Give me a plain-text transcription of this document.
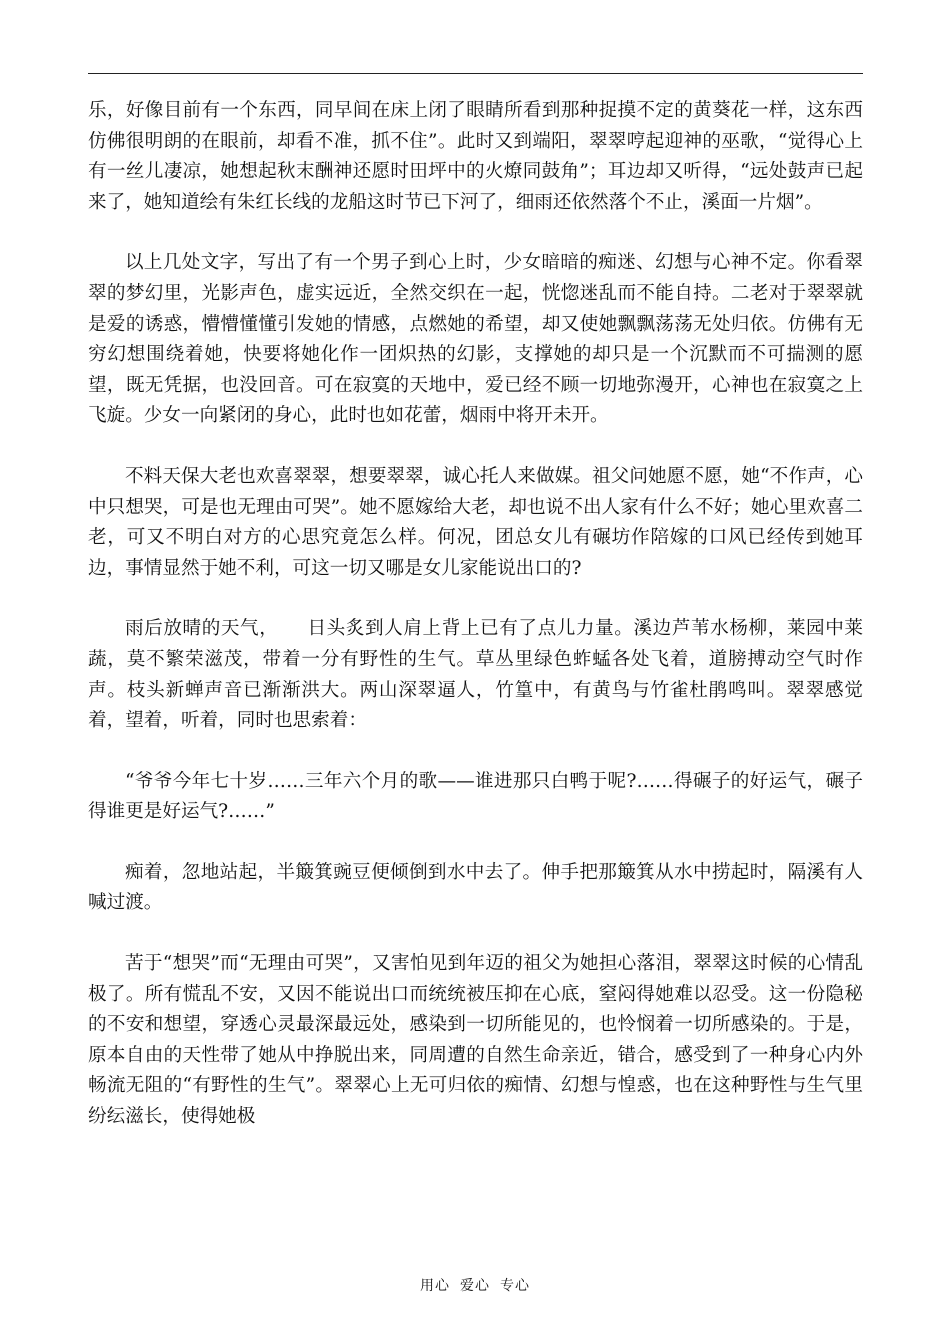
乐，好像目前有一个东西，同早间在床上闭了眼睛所看到那种捉摸不定的黄葵花一样，这东西仿佛很明朗的在眼前，却看不准，抓不住”。此时又到端阳，翠翠哼起迎神的巫歌，“觉得心上有一丝儿凄凉，她想起秋末酬神还愿时田坪中的火燎同鼓角”；耳边却又听得，“远处鼓声已起来了，她知道绘有朱红长线的龙船这时节已下河了，细雨还依然落个不止，溪面一片烟”。

以上几处文字，写出了有一个男子到心上时，少女暗暗的痴迷、幻想与心神不定。你看翠翠的梦幻里，光影声色，虚实远近，全然交织在一起，恍惚迷乱而不能自持。二老对于翠翠就是爱的诱惑，懵懵懂懂引发她的情感，点燃她的希望，却又使她飘飘荡荡无处归依。仿佛有无穷幻想围绕着她，快要将她化作一团炽热的幻影，支撑她的却只是一个沉默而不可揣测的愿望，既无凭据，也没回音。可在寂寞的天地中，爱已经不顾一切地弥漫开，心神也在寂寞之上飞旋。少女一向紧闭的身心，此时也如花蕾，烟雨中将开未开。

不料天保大老也欢喜翠翠，想要翠翠，诚心托人来做媒。祖父问她愿不愿，她“不作声，心中只想哭，可是也无理由可哭”。她不愿嫁给大老，却也说不出人家有什么不好；她心里欢喜二老，可又不明白对方的心思究竟怎么样。何况，团总女儿有碾坊作陪嫁的口风已经传到她耳边，事情显然于她不利，可这一切又哪是女儿家能说出口的?

雨后放晴的天气，　　日头炙到人肩上背上已有了点儿力量。溪边芦苇水杨柳，莱园中莱蔬，莫不繁荣滋茂，带着一分有野性的生气。草丛里绿色蚱蜢各处飞着，道膀搏动空气时作声。枝头新蝉声音已渐渐洪大。两山深翠逼人，竹篁中，有黄鸟与竹雀杜鹃鸣叫。翠翠感觉着，望着，听着，同时也思索着：

“爷爷今年七十岁……三年六个月的歌——谁进那只白鸭于呢?……得碾子的好运气，碾子得谁更是好运气?……”

痴着，忽地站起，半簸箕豌豆便倾倒到水中去了。伸手把那簸箕从水中捞起时，隔溪有人喊过渡。

苦于“想哭”而“无理由可哭”，又害怕见到年迈的祖父为她担心落泪，翠翠这时候的心情乱极了。所有慌乱不安，又因不能说出口而统统被压抑在心底，窒闷得她难以忍受。这一份隐秘的不安和想望，穿透心灵最深最远处，感染到一切所能见的，也怜悯着一切所感染的。于是，原本自由的天性带了她从中挣脱出来，同周遭的自然生命亲近，错合，感受到了一种身心内外畅流无阻的“有野性的生气”。翠翠心上无可归依的痴情、幻想与惶惑，也在这种野性与生气里纷纭滋长，使得她极

用心 爱心 专心
